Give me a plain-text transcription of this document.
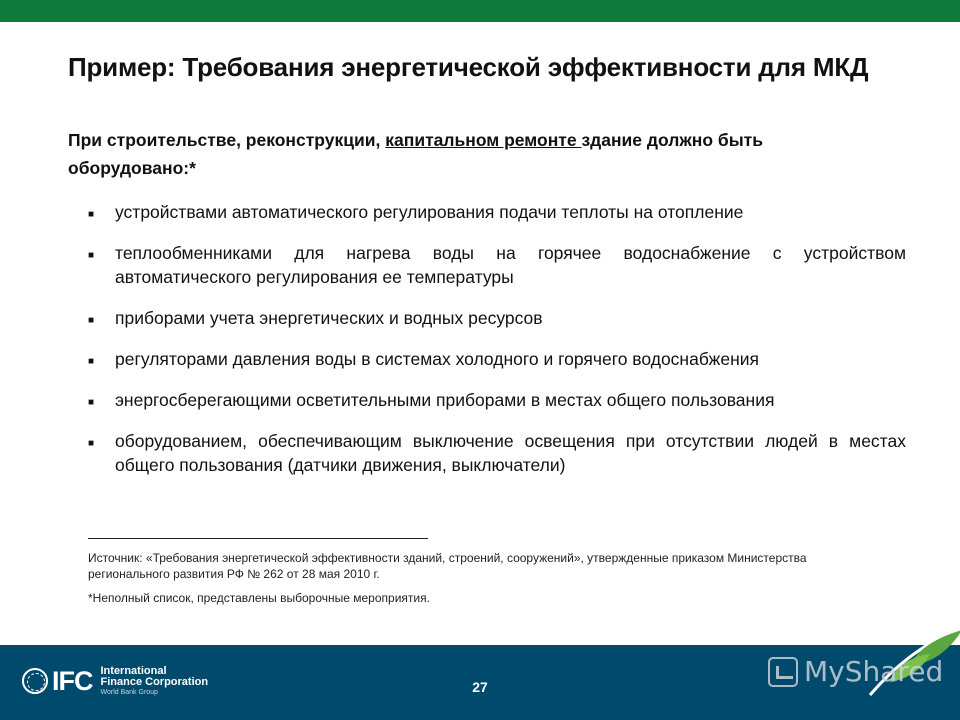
Пример: Требования энергетической эффективности для МКД
При строительстве, реконструкции, капитальном ремонте здание должно быть оборудовано:*
■ устройствами автоматического регулирования подачи теплоты на отопление
■ теплообменниками для нагрева воды на горячее водоснабжение с устройством автоматического регулирования ее температуры
■ приборами учета энергетических и водных ресурсов
■ регуляторами давления воды в системах холодного и горячего водоснабжения
■ энергосберегающими осветительными приборами в местах общего пользования
■ оборудованием, обеспечивающим выключение освещения при отсутствии людей в местах общего пользования (датчики движения, выключатели)
Источник: «Требования энергетической эффективности зданий, строений, сооружений», утвержденные приказом Министерства регионального развития РФ № 262 от 28 мая 2010 г.
*Неполный список, представлены выборочные мероприятия.
IFC International
Finance Corporation
World Bank Group	27	MyShared
